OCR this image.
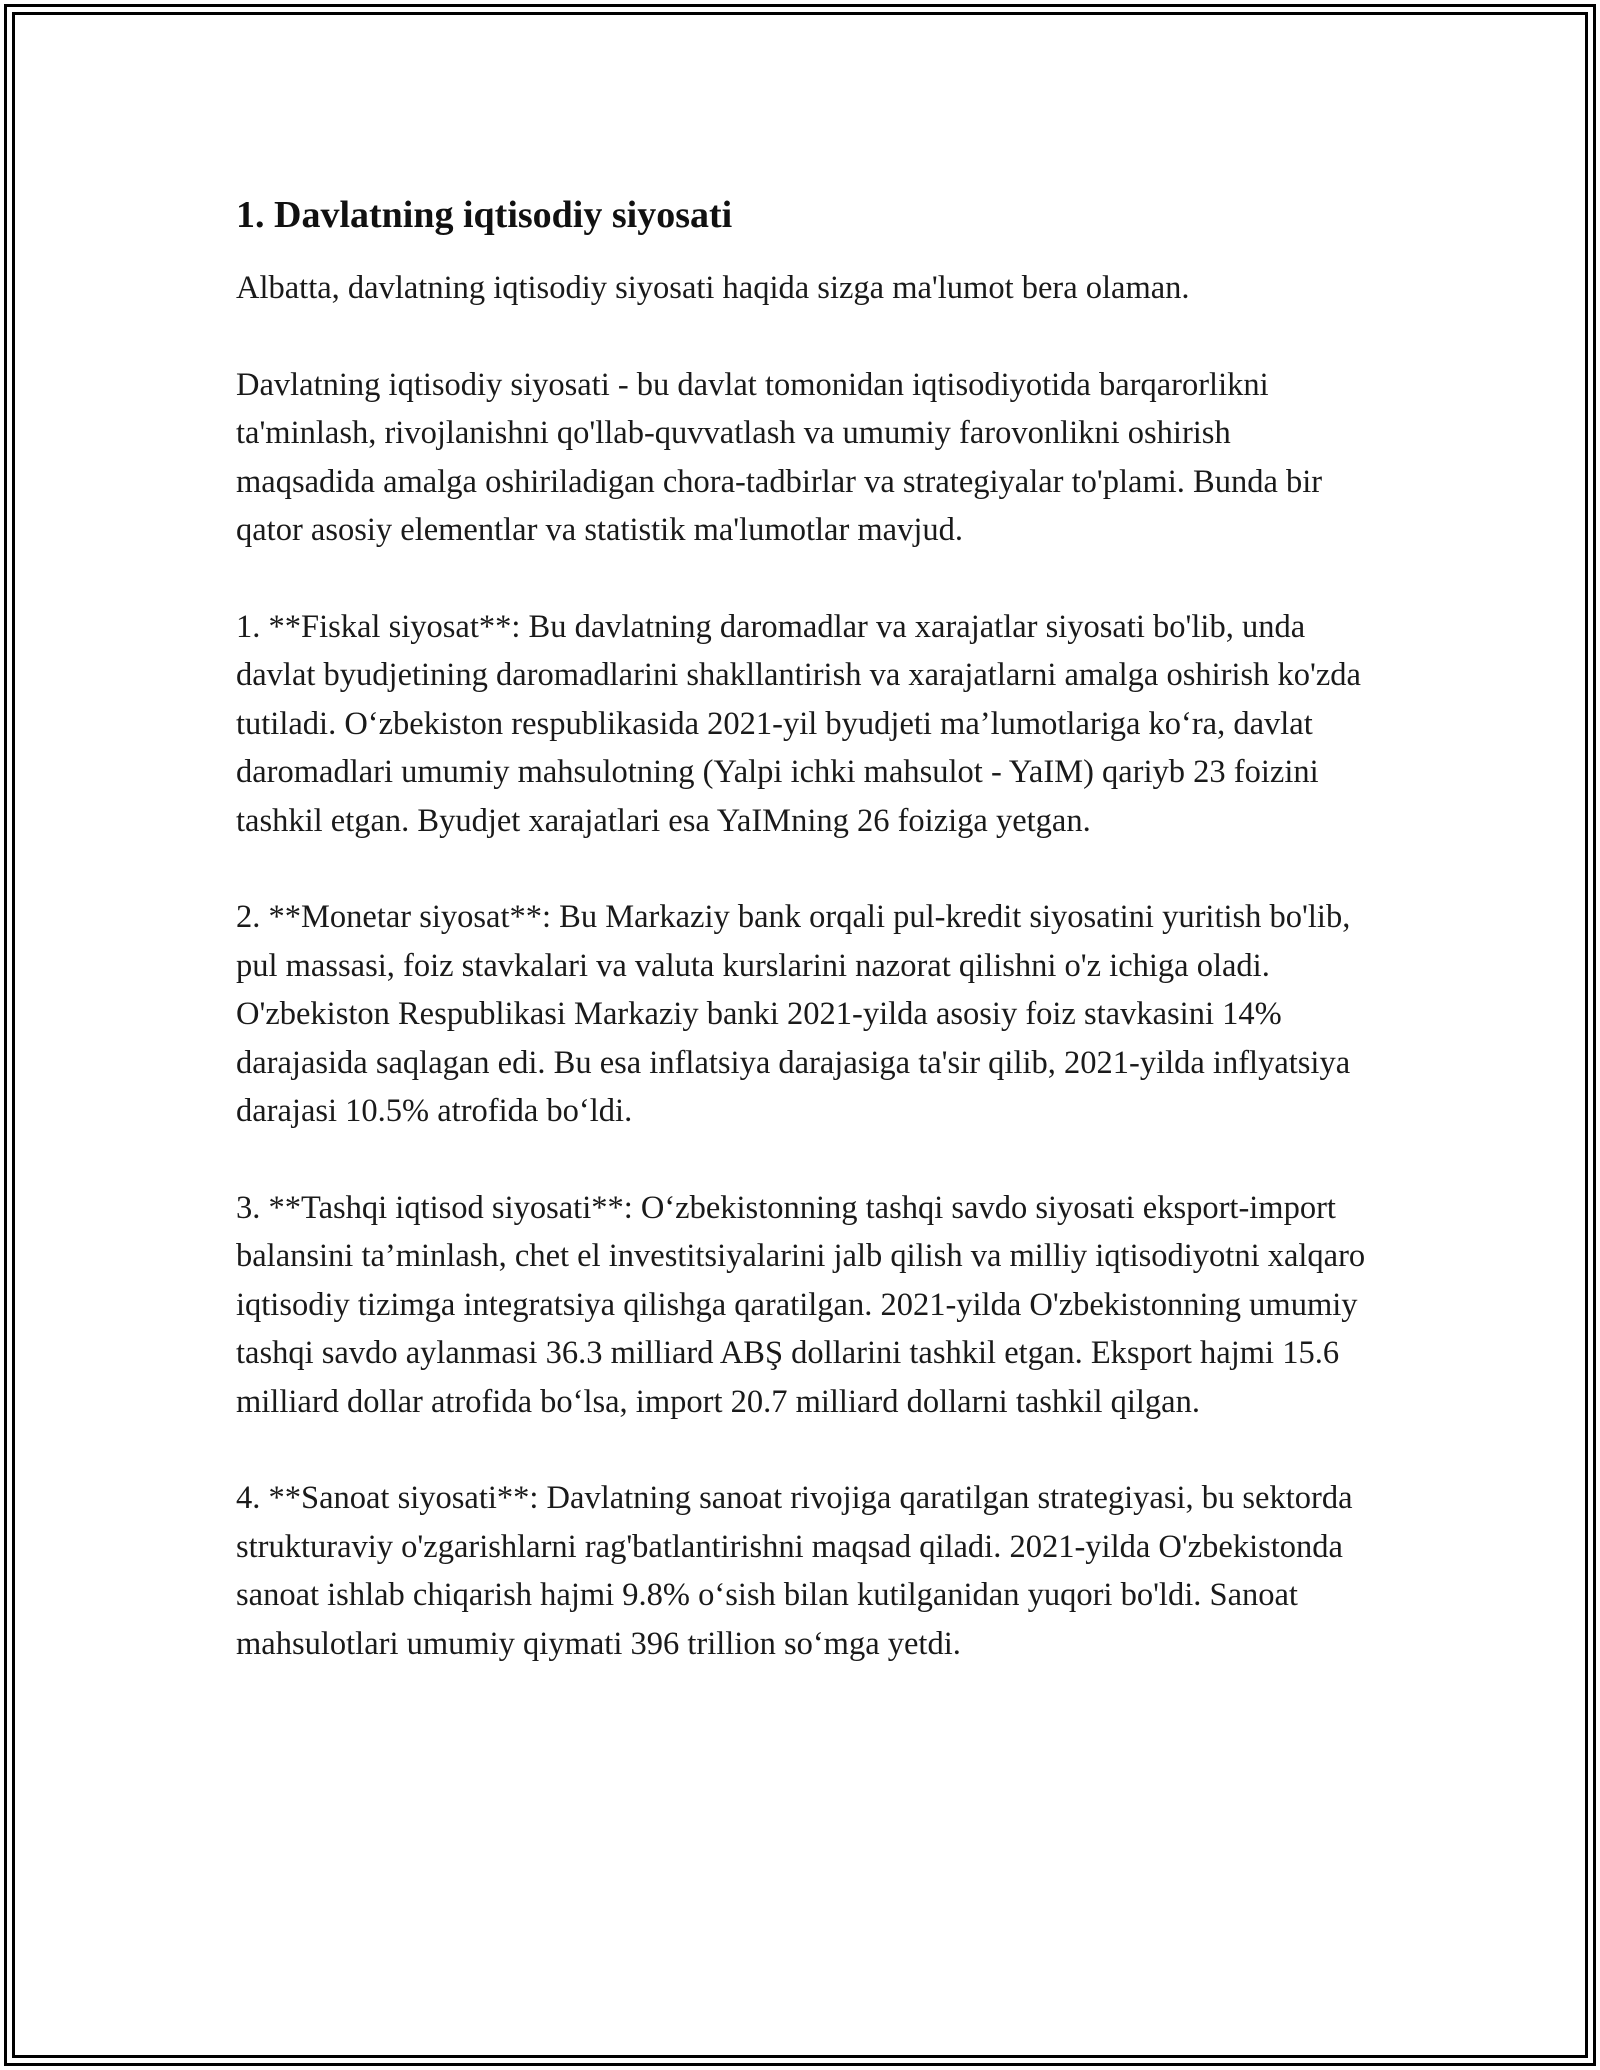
1. Davlatning iqtisodiy siyosati

Albatta, davlatning iqtisodiy siyosati haqida sizga ma'lumot bera olaman.

Davlatning iqtisodiy siyosati - bu davlat tomonidan iqtisodiyotida barqarorlikni ta'minlash, rivojlanishni qo'llab-quvvatlash va umumiy farovonlikni oshirish maqsadida amalga oshiriladigan chora-tadbirlar va strategiyalar to'plami. Bunda bir qator asosiy elementlar va statistik ma'lumotlar mavjud.

1. **Fiskal siyosat**: Bu davlatning daromadlar va xarajatlar siyosati bo'lib, unda davlat byudjetining daromadlarini shakllantirish va xarajatlarni amalga oshirish ko'zda tutiladi. O‘zbekiston respublikasida 2021-yil byudjeti ma’lumotlariga ko‘ra, davlat daromadlari umumiy mahsulotning (Yalpi ichki mahsulot - YaIM) qariyb 23 foizini tashkil etgan. Byudjet xarajatlari esa YaIMning 26 foiziga yetgan.

2. **Monetar siyosat**: Bu Markaziy bank orqali pul-kredit siyosatini yuritish bo'lib, pul massasi, foiz stavkalari va valuta kurslarini nazorat qilishni o'z ichiga oladi. O'zbekiston Respublikasi Markaziy banki 2021-yilda asosiy foiz stavkasini 14% darajasida saqlagan edi. Bu esa inflatsiya darajasiga ta'sir qilib, 2021-yilda inflyatsiya darajasi 10.5% atrofida bo‘ldi.

3. **Tashqi iqtisod siyosati**: O‘zbekistonning tashqi savdo siyosati eksport-import balansini ta’minlash, chet el investitsiyalarini jalb qilish va milliy iqtisodiyotni xalqaro iqtisodiy tizimga integratsiya qilishga qaratilgan. 2021-yilda O'zbekistonning umumiy tashqi savdo aylanmasi 36.3 milliard ABŞ dollarini tashkil etgan. Eksport hajmi 15.6 milliard dollar atrofida bo‘lsa, import 20.7 milliard dollarni tashkil qilgan.

4. **Sanoat siyosati**: Davlatning sanoat rivojiga qaratilgan strategiyasi, bu sektorda strukturaviy o'zgarishlarni rag'batlantirishni maqsad qiladi. 2021-yilda O'zbekistonda sanoat ishlab chiqarish hajmi 9.8% o‘sish bilan kutilganidan yuqori bo'ldi. Sanoat mahsulotlari umumiy qiymati 396 trillion so‘mga yetdi.
